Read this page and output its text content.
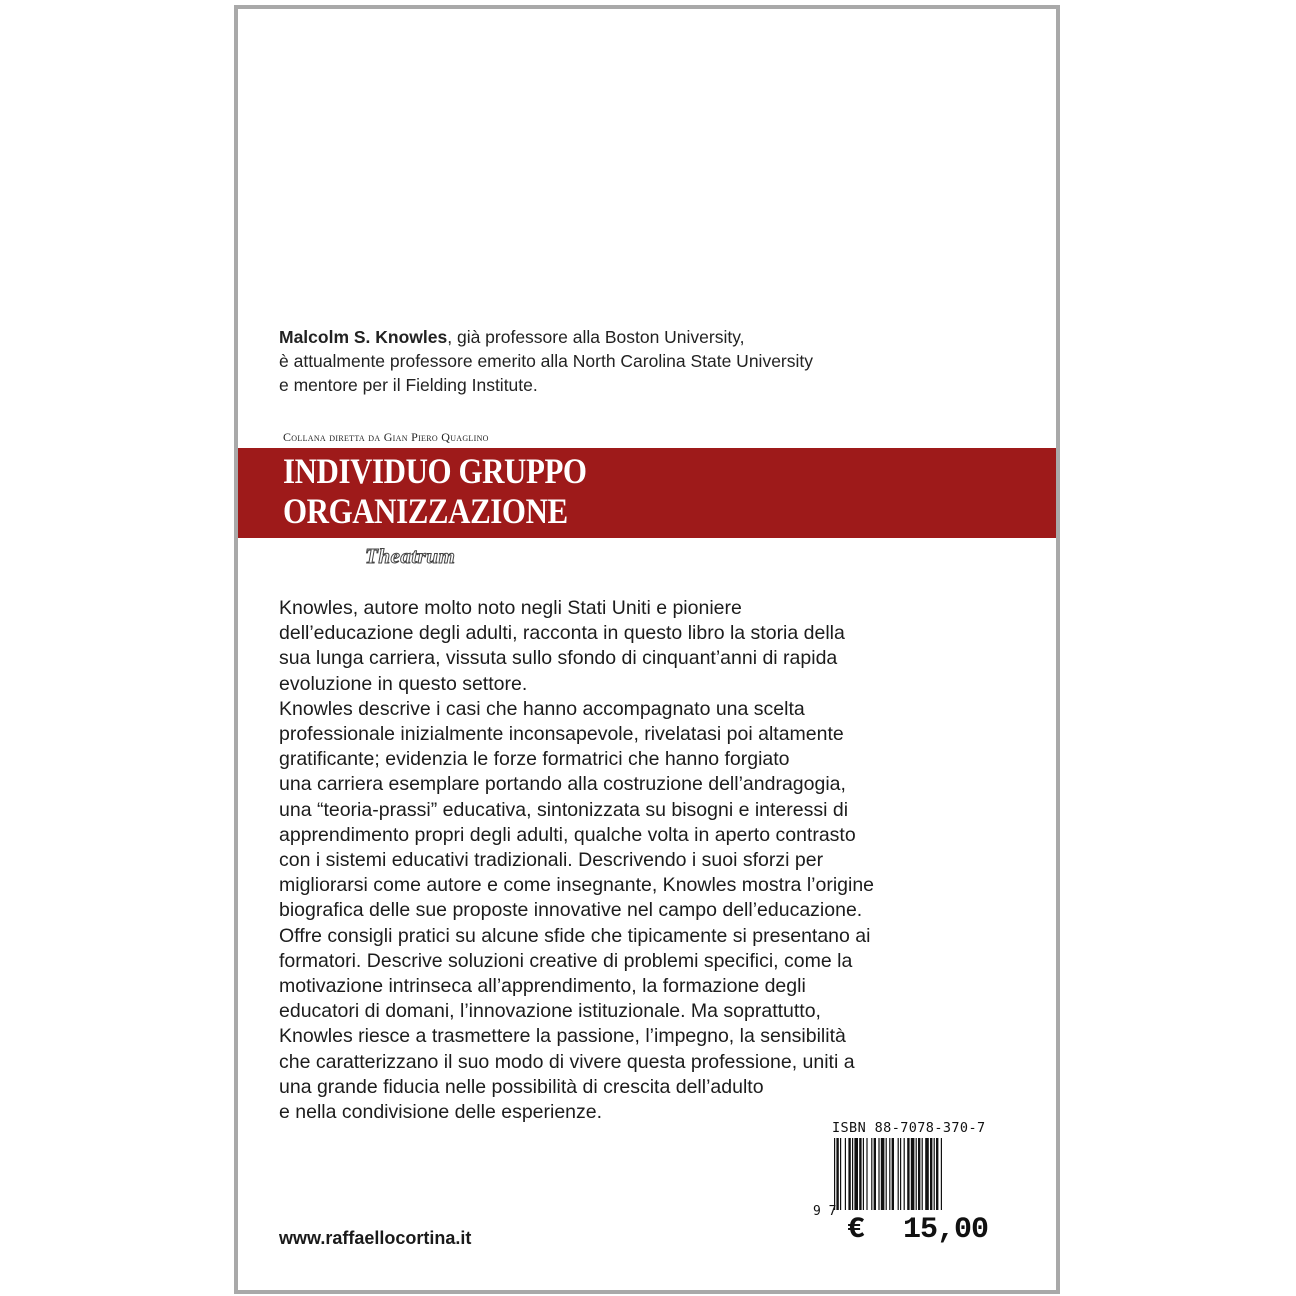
Malcolm S. Knowles, già professore alla Boston University,
è attualmente professore emerito alla North Carolina State University
e mentore per il Fielding Institute.
Collana diretta da Gian Piero Quaglino
INDIVIDUO GRUPPO
ORGANIZZAZIONE
Theatrum
Knowles, autore molto noto negli Stati Uniti e pioniere
dell’educazione degli adulti, racconta in questo libro la storia della
sua lunga carriera, vissuta sullo sfondo di cinquant’anni di rapida
evoluzione in questo settore.
Knowles descrive i casi che hanno accompagnato una scelta
professionale inizialmente inconsapevole, rivelatasi poi altamente
gratificante; evidenzia le forze formatrici che hanno forgiato
una carriera esemplare portando alla costruzione dell’andragogia,
una “teoria-prassi” educativa, sintonizzata su bisogni e interessi di
apprendimento propri degli adulti, qualche volta in aperto contrasto
con i sistemi educativi tradizionali. Descrivendo i suoi sforzi per
migliorarsi come autore e come insegnante, Knowles mostra l’origine
biografica delle sue proposte innovative nel campo dell’educazione.
Offre consigli pratici su alcune sfide che tipicamente si presentano ai
formatori. Descrive soluzioni creative di problemi specifici, come la
motivazione intrinseca all’apprendimento, la formazione degli
educatori di domani, l’innovazione istituzionale. Ma soprattutto,
Knowles riesce a trasmettere la passione, l’impegno, la sensibilità
che caratterizzano il suo modo di vivere questa professione, uniti a
una grande fiducia nelle possibilità di crescita dell’adulto
e nella condivisione delle esperienze.
ISBN 88-7078-370-7
9 7
€ 15,00
www.raffaellocortina.it
